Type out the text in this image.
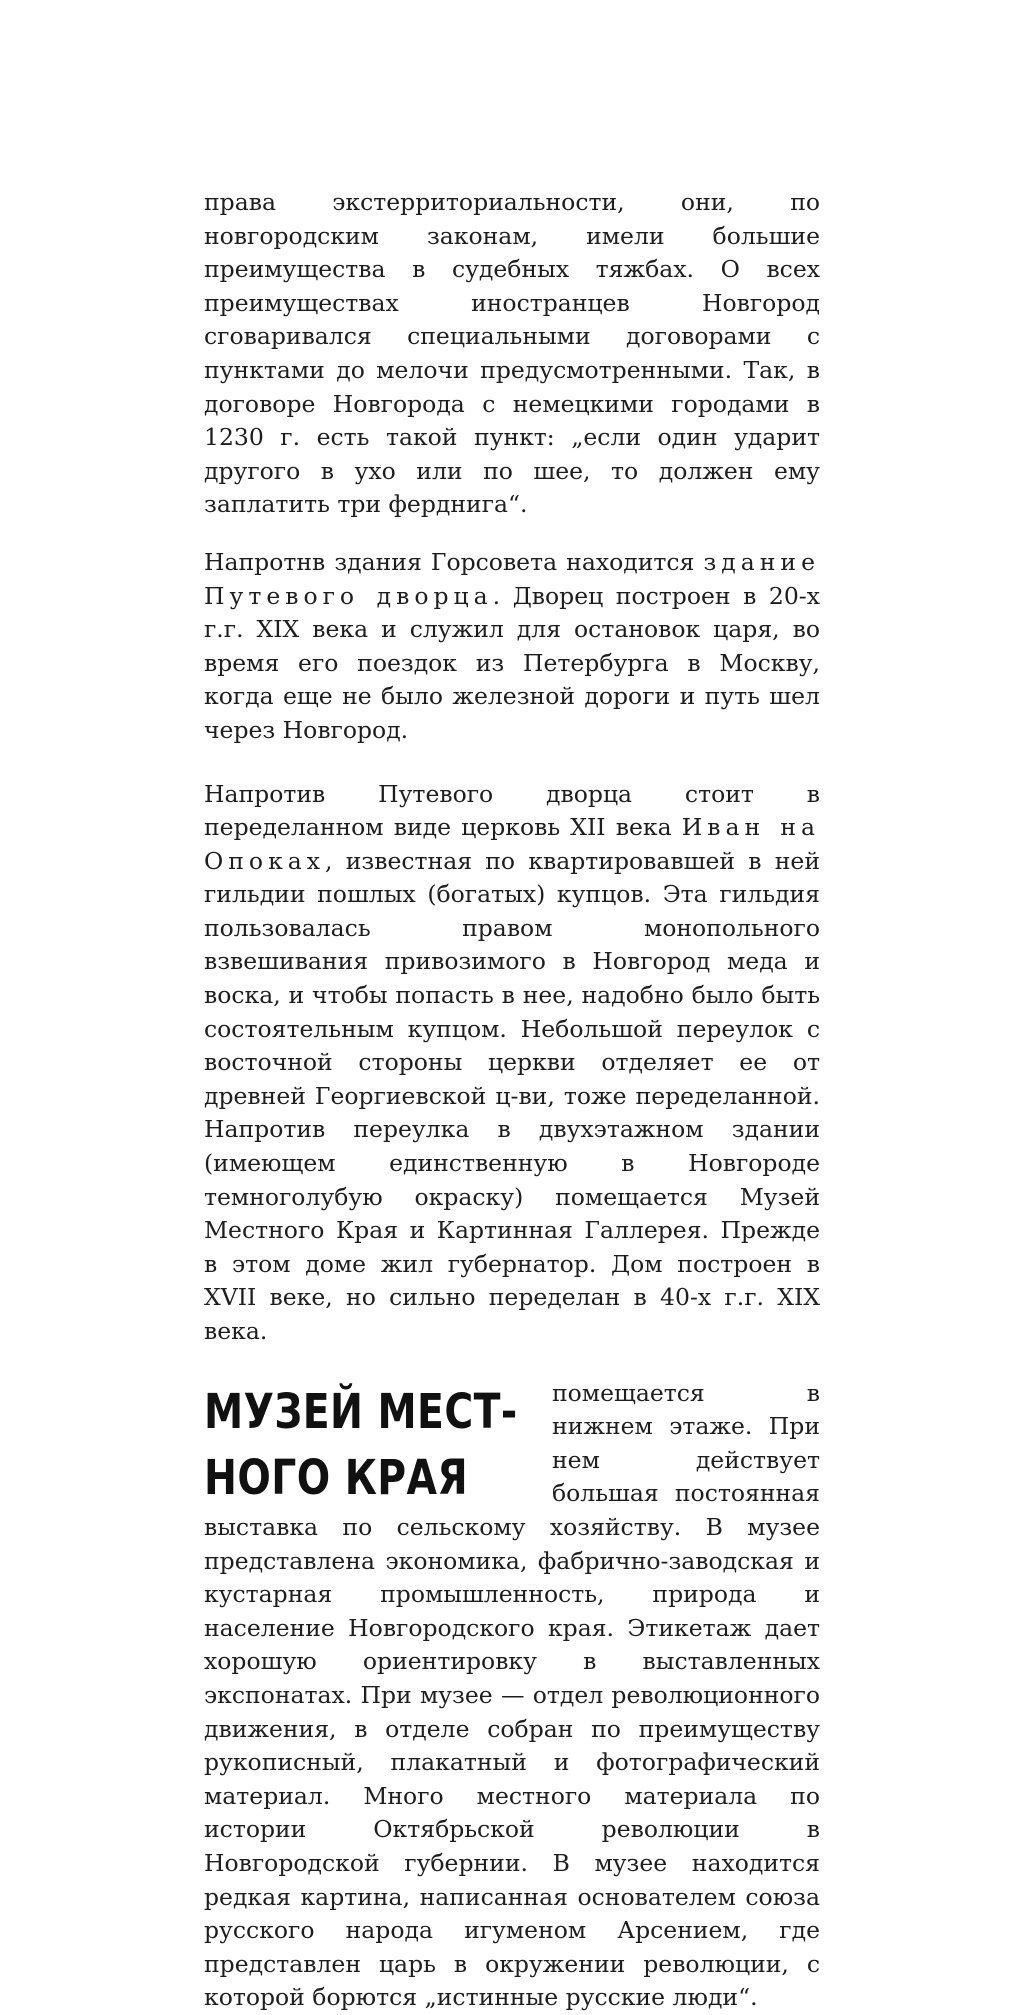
права экстерриториальности, они, по новгородским законам, имели большие преимущества в судебных тяжбах. О всех преимуществах иностранцев Новгород сговаривался специальными договорами с пунктами до мелочи предусмотренными. Так, в договоре Новгорода с немецкими городами в 1230 г. есть такой пункт: „если один ударит другого в ухо или по шее, то должен ему заплатить три ферднига“.

Напротнв здания Горсовета находится здание Путевого дворца. Дворец построен в 20-х г.г. XIX века и служил для остановок царя, во время его поездок из Петербурга в Москву, когда еще не было железной дороги и путь шел через Новгород.

Напротив Путевого дворца стоит в переделанном виде церковь XII века Иван на Опоках, известная по квартировавшей в ней гильдии пошлых (богатых) купцов. Эта гильдия пользовалась правом монопольного взвешивания привозимого в Новгород меда и воска, и чтобы попасть в нее, надобно было быть состоятельным купцом. Небольшой переулок с восточной стороны церкви отделяет ее от древней Георгиевской ц-ви, тоже переделанной. Напротив переулка в двухэтажном здании (имеющем единственную в Новгороде темноголубую окраску) помещается Музей Местного Края и Картинная Галлерея. Прежде в этом доме жил губернатор. Дом построен в XVII веке, но сильно переделан в 40-х г.г. XIX века.

МУЗЕЙ МЕСТ-
НОГО КРАЯ

помещается в нижнем этаже. При нем действует большая постоянная выставка по сельскому хозяйству. В музее представлена экономика, фабрично-заводская и кустарная промышленность, природа и население Новгородского края. Этикетаж дает хорошую ориентировку в выставленных экспонатах. При музее — отдел революционного движения, в отделе собран по преимуществу рукописный, плакатный и фотографический материал. Много местного материала по истории Октябрьской революции в Новгородской губернии. В музее находится редкая картина, написанная основателем союза русского народа игуменом Арсением, где представлен царь в окружении революции, с которой борются „истинные русские люди“.
